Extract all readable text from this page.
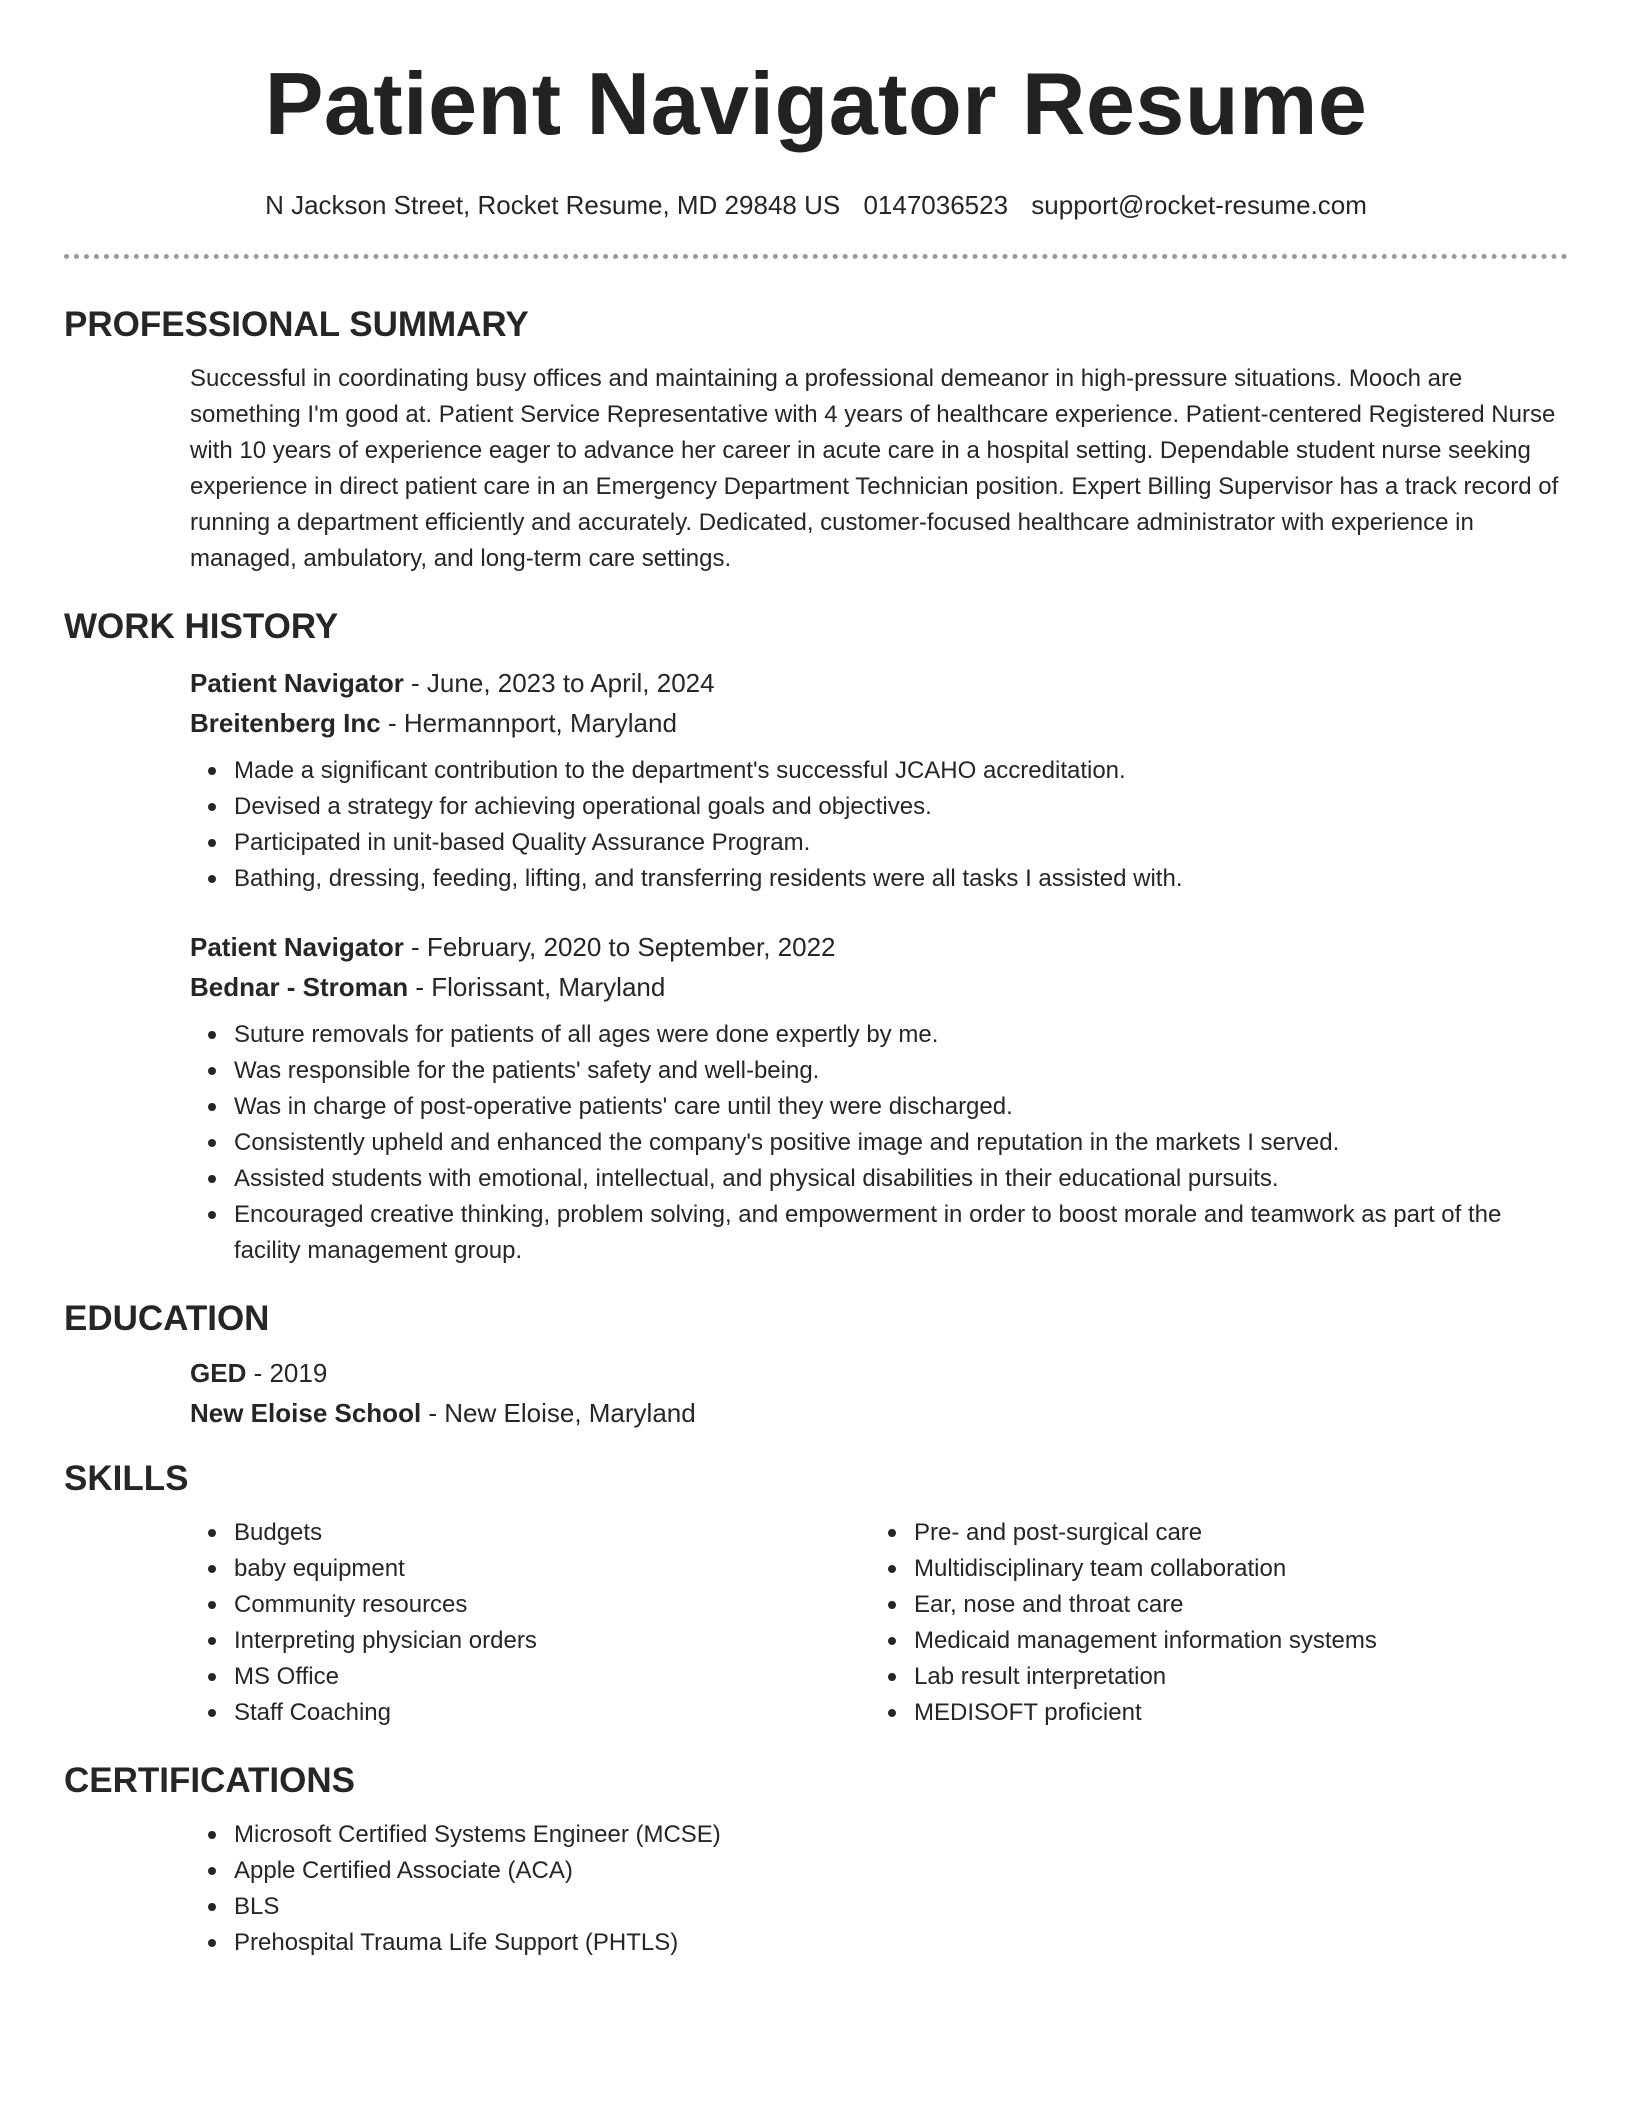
Patient Navigator Resume
N Jackson Street, Rocket Resume, MD 29848 US 0147036523 support@rocket-resume.com
PROFESSIONAL SUMMARY

Successful in coordinating busy offices and maintaining a professional demeanor in high-pressure situations. Mooch are something I'm good at. Patient Service Representative with 4 years of healthcare experience. Patient-centered Registered Nurse with 10 years of experience eager to advance her career in acute care in a hospital setting. Dependable student nurse seeking experience in direct patient care in an Emergency Department Technician position. Expert Billing Supervisor has a track record of running a department efficiently and accurately. Dedicated, customer-focused healthcare administrator with experience in managed, ambulatory, and long-term care settings.

WORK HISTORY
Patient Navigator - June, 2023 to April, 2024
Breitenberg Inc - Hermannport, Maryland
Made a significant contribution to the department's successful JCAHO accreditation.
Devised a strategy for achieving operational goals and objectives.
Participated in unit-based Quality Assurance Program.
Bathing, dressing, feeding, lifting, and transferring residents were all tasks I assisted with.
Patient Navigator - February, 2020 to September, 2022
Bednar - Stroman - Florissant, Maryland
Suture removals for patients of all ages were done expertly by me.
Was responsible for the patients' safety and well-being.
Was in charge of post-operative patients' care until they were discharged.
Consistently upheld and enhanced the company's positive image and reputation in the markets I served.
Assisted students with emotional, intellectual, and physical disabilities in their educational pursuits.
Encouraged creative thinking, problem solving, and empowerment in order to boost morale and teamwork as part of the facility management group.
EDUCATION
GED - 2019
New Eloise School - New Eloise, Maryland
SKILLS
Budgets
baby equipment
Community resources
Interpreting physician orders
MS Office
Staff Coaching
Pre- and post-surgical care
Multidisciplinary team collaboration
Ear, nose and throat care
Medicaid management information systems
Lab result interpretation
MEDISOFT proficient
CERTIFICATIONS
Microsoft Certified Systems Engineer (MCSE)
Apple Certified Associate (ACA)
BLS
Prehospital Trauma Life Support (PHTLS)
